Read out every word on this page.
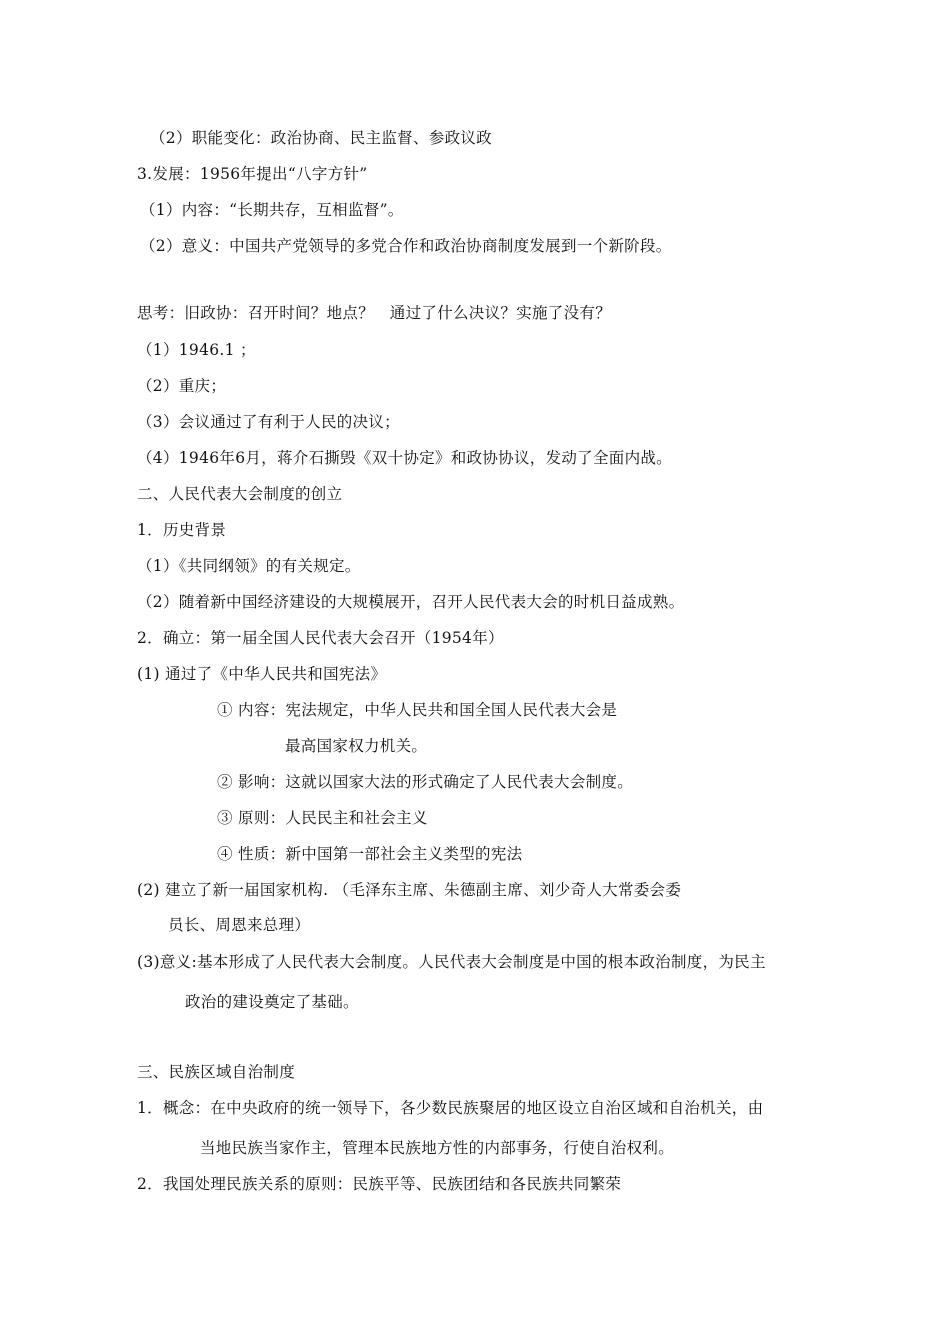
（2）职能变化：政治协商、民主监督、参政议政
3.发展：1956年提出“八字方针”
（1）内容：“长期共存，互相监督”。
（2）意义：中国共产党领导的多党合作和政治协商制度发展到一个新阶段。
思考：旧政协：召开时间？地点？　通过了什么决议？实施了没有？
（1）1946.1 ；
（2）重庆；
（3）会议通过了有利于人民的决议；
（4）1946年6月，蒋介石撕毁《双十协定》和政协协议，发动了全面内战。
二、人民代表大会制度的创立
1．历史背景
（1）《共同纲领》的有关规定。
（2）随着新中国经济建设的大规模展开，召开人民代表大会的时机日益成熟。
2．确立：第一届全国人民代表大会召开（1954年）
(1) 通过了《中华人民共和国宪法》
① 内容：宪法规定，中华人民共和国全国人民代表大会是
最高国家权力机关。
② 影响：这就以国家大法的形式确定了人民代表大会制度。
③ 原则：人民民主和社会主义
④ 性质：新中国第一部社会主义类型的宪法
(2) 建立了新一届国家机构. （毛泽东主席、朱德副主席、刘少奇人大常委会委
员长、周恩来总理）
(3)意义:基本形成了人民代表大会制度。人民代表大会制度是中国的根本政治制度，为民主
政治的建设奠定了基础。
三、民族区域自治制度
1．概念：在中央政府的统一领导下，各少数民族聚居的地区设立自治区域和自治机关，由
当地民族当家作主，管理本民族地方性的内部事务，行使自治权利。
2．我国处理民族关系的原则：民族平等、民族团结和各民族共同繁荣
